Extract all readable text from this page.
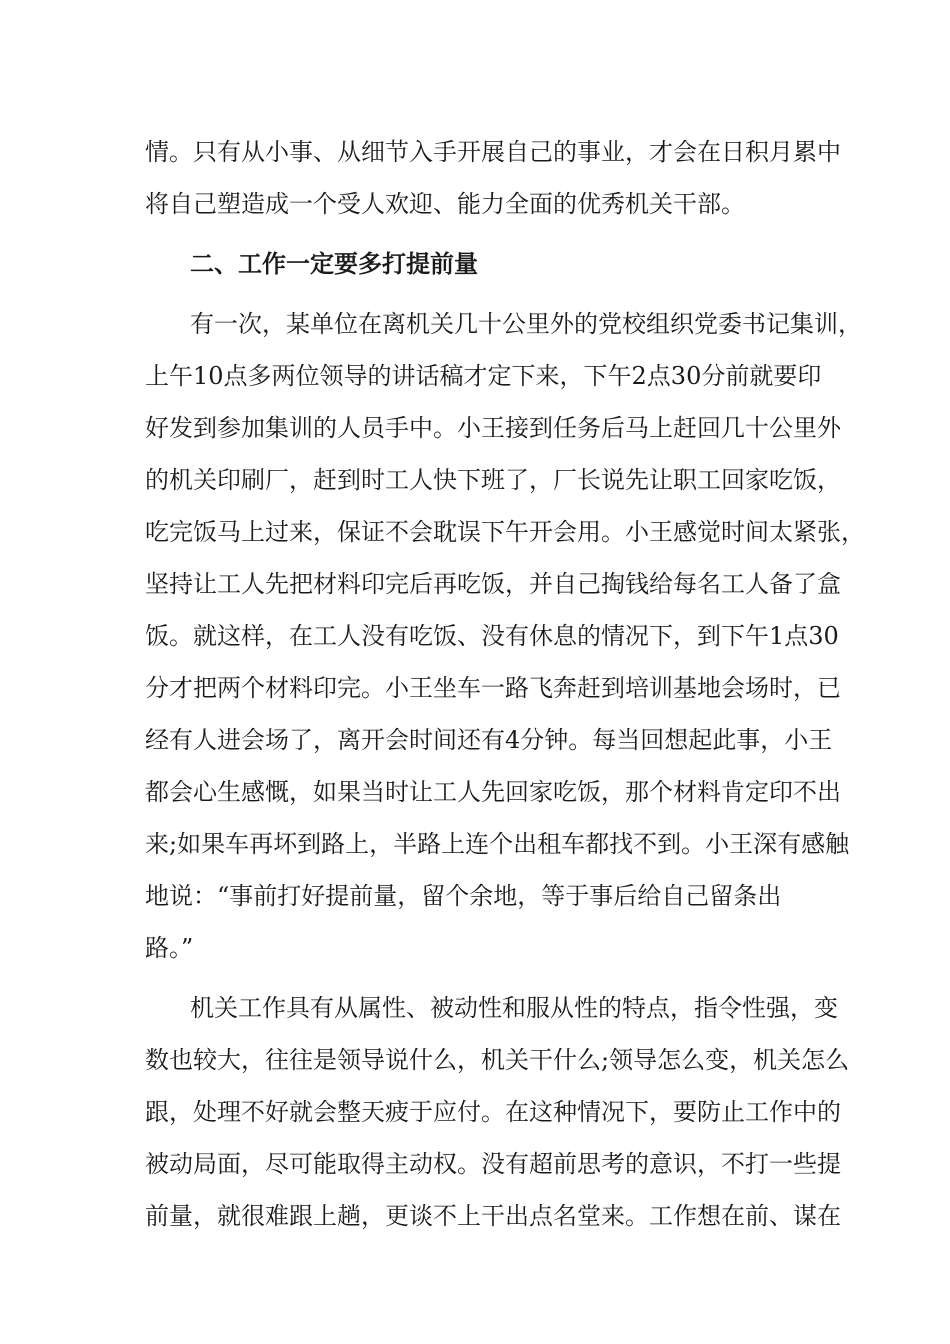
情。只有从小事、从细节入手开展自己的事业，才会在日积月累中
将自己塑造成一个受人欢迎、能力全面的优秀机关干部。
二、工作一定要多打提前量
有一次，某单位在离机关几十公里外的党校组织党委书记集训，
上午10点多两位领导的讲话稿才定下来，下午2点30分前就要印
好发到参加集训的人员手中。小王接到任务后马上赶回几十公里外
的机关印刷厂，赶到时工人快下班了，厂长说先让职工回家吃饭，
吃完饭马上过来，保证不会耽误下午开会用。小王感觉时间太紧张，
坚持让工人先把材料印完后再吃饭，并自己掏钱给每名工人备了盒
饭。就这样，在工人没有吃饭、没有休息的情况下，到下午1点30
分才把两个材料印完。小王坐车一路飞奔赶到培训基地会场时，已
经有人进会场了，离开会时间还有4分钟。每当回想起此事，小王
都会心生感慨，如果当时让工人先回家吃饭，那个材料肯定印不出
来;如果车再坏到路上，半路上连个出租车都找不到。小王深有感触
地说：“事前打好提前量，留个余地，等于事后给自己留条出
路。”
机关工作具有从属性、被动性和服从性的特点，指令性强，变
数也较大，往往是领导说什么，机关干什么;领导怎么变，机关怎么
跟，处理不好就会整天疲于应付。在这种情况下，要防止工作中的
被动局面，尽可能取得主动权。没有超前思考的意识，不打一些提
前量，就很难跟上趟，更谈不上干出点名堂来。工作想在前、谋在
